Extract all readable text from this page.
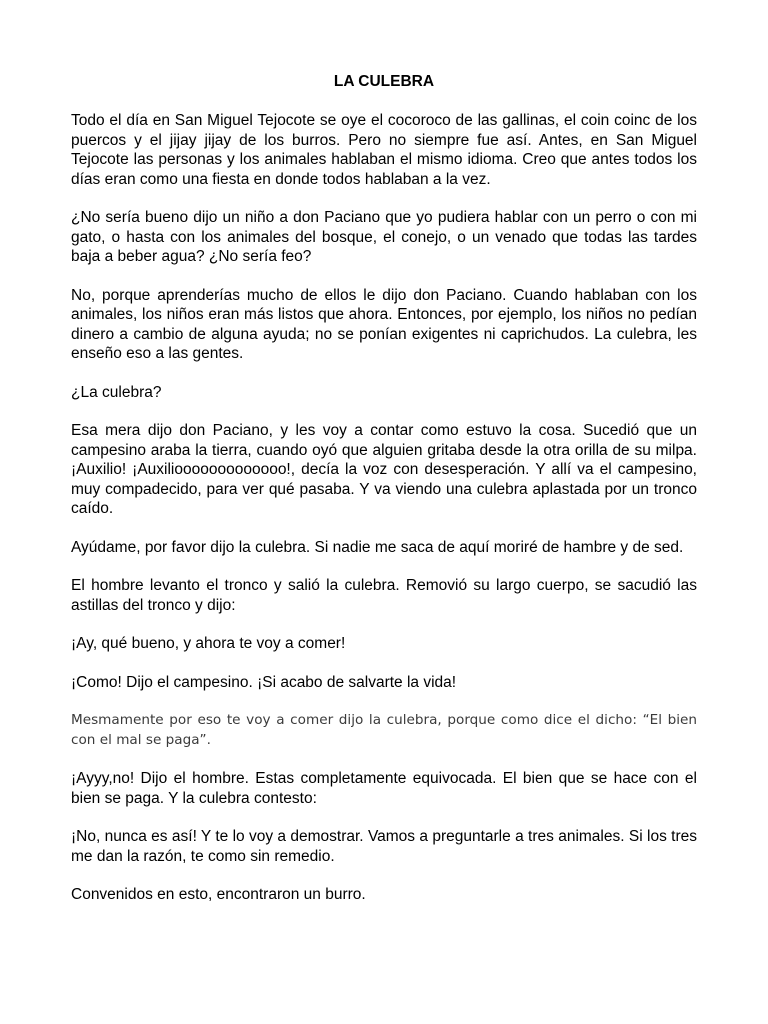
LA CULEBRA

Todo el día en San Miguel Tejocote se oye el cocoroco de las gallinas, el coin coinc de los puercos y el jijay jijay de los burros. Pero no siempre fue así. Antes, en San Miguel Tejocote las personas y los animales hablaban el mismo idioma. Creo que antes todos los días eran como una fiesta en donde todos hablaban a la vez.

¿No sería bueno dijo un niño a don Paciano que yo pudiera hablar con un perro o con mi gato, o hasta con los animales del bosque, el conejo, o un venado que todas las tardes baja a beber agua? ¿No sería feo?

No, porque aprenderías mucho de ellos le dijo don Paciano. Cuando hablaban con los animales, los niños eran más listos que ahora. Entonces, por ejemplo, los niños no pedían dinero a cambio de alguna ayuda; no se ponían exigentes ni caprichudos. La culebra, les enseño eso a las gentes.

¿La culebra?

Esa mera dijo don Paciano, y les voy a contar como estuvo la cosa. Sucedió que un campesino araba la tierra, cuando oyó que alguien gritaba desde la otra orilla de su milpa. ¡Auxilio! ¡Auxiliooooooooooooo!, decía la voz con desesperación. Y allí va el campesino, muy compadecido, para ver qué pasaba. Y va viendo una culebra aplastada por un tronco caído.

Ayúdame, por favor dijo la culebra. Si nadie me saca de aquí moriré de hambre y de sed.

El hombre levanto el tronco y salió la culebra. Removió su largo cuerpo, se sacudió las astillas del tronco y dijo:

¡Ay, qué bueno, y ahora te voy a comer!

¡Como! Dijo el campesino. ¡Si acabo de salvarte la vida!

Mesmamente por eso te voy a comer dijo la culebra, porque como dice el dicho: “El bien con el mal se paga”.

¡Ayyy,no! Dijo el hombre. Estas completamente equivocada. El bien que se hace con el bien se paga. Y la culebra contesto:

¡No, nunca es así! Y te lo voy a demostrar. Vamos a preguntarle a tres animales. Si los tres me dan la razón, te como sin remedio.

Convenidos en esto, encontraron un burro.
